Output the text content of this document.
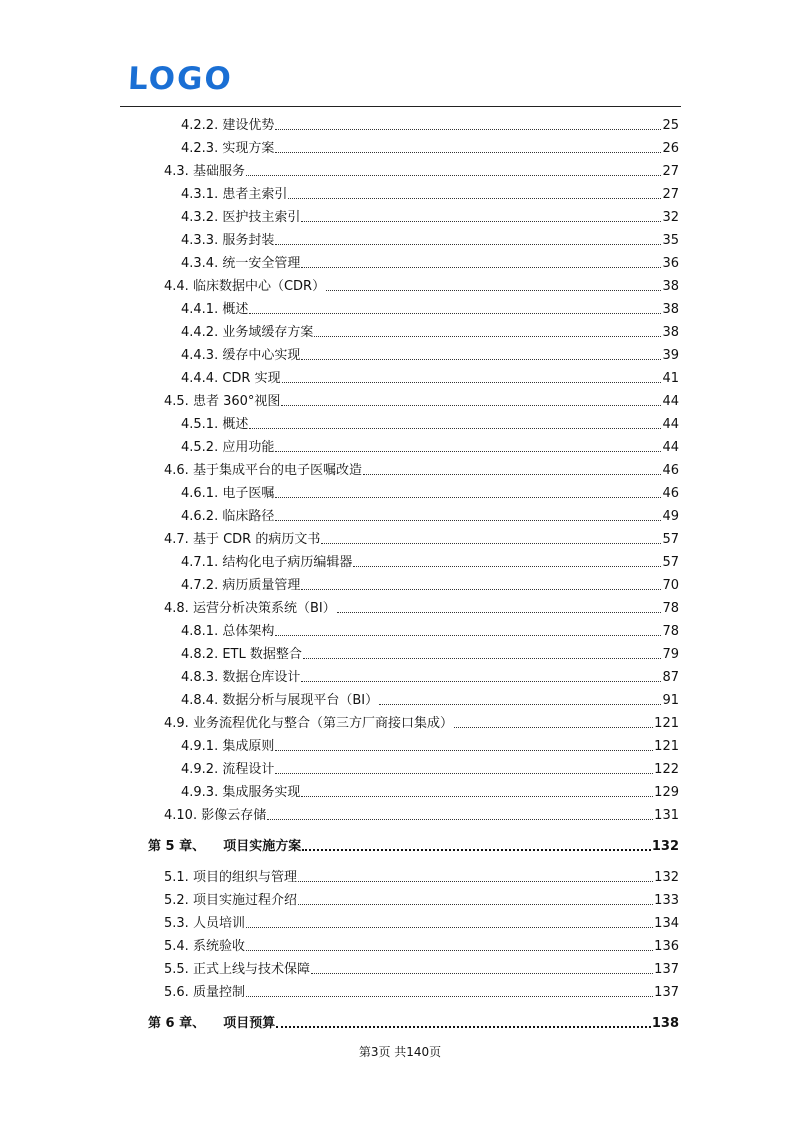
LOGO
4.2.2. 建设优势	25
4.2.3. 实现方案	26
4.3. 基础服务	27
4.3.1. 患者主索引	27
4.3.2. 医护技主索引	32
4.3.3. 服务封装	35
4.3.4. 统一安全管理	36
4.4. 临床数据中心（CDR）	38
4.4.1. 概述	38
4.4.2. 业务域缓存方案	38
4.4.3. 缓存中心实现	39
4.4.4. CDR 实现	41
4.5. 患者 360°视图	44
4.5.1. 概述	44
4.5.2. 应用功能	44
4.6. 基于集成平台的电子医嘱改造	46
4.6.1. 电子医嘱	46
4.6.2. 临床路径	49
4.7. 基于 CDR 的病历文书	57
4.7.1. 结构化电子病历编辑器	57
4.7.2. 病历质量管理	70
4.8. 运营分析决策系统（BI）	78
4.8.1. 总体架构	78
4.8.2. ETL 数据整合	79
4.8.3. 数据仓库设计	87
4.8.4. 数据分析与展现平台（BI）	91
4.9. 业务流程优化与整合（第三方厂商接口集成）	121
4.9.1. 集成原则	121
4.9.2. 流程设计	122
4.9.3. 集成服务实现	129
4.10. 影像云存储	131
第 5 章、 项目实施方案	132
5.1. 项目的组织与管理	132
5.2. 项目实施过程介绍	133
5.3. 人员培训	134
5.4. 系统验收	136
5.5. 正式上线与技术保障	137
5.6. 质量控制	137
第 6 章、 项目预算	138
第3页 共140页
